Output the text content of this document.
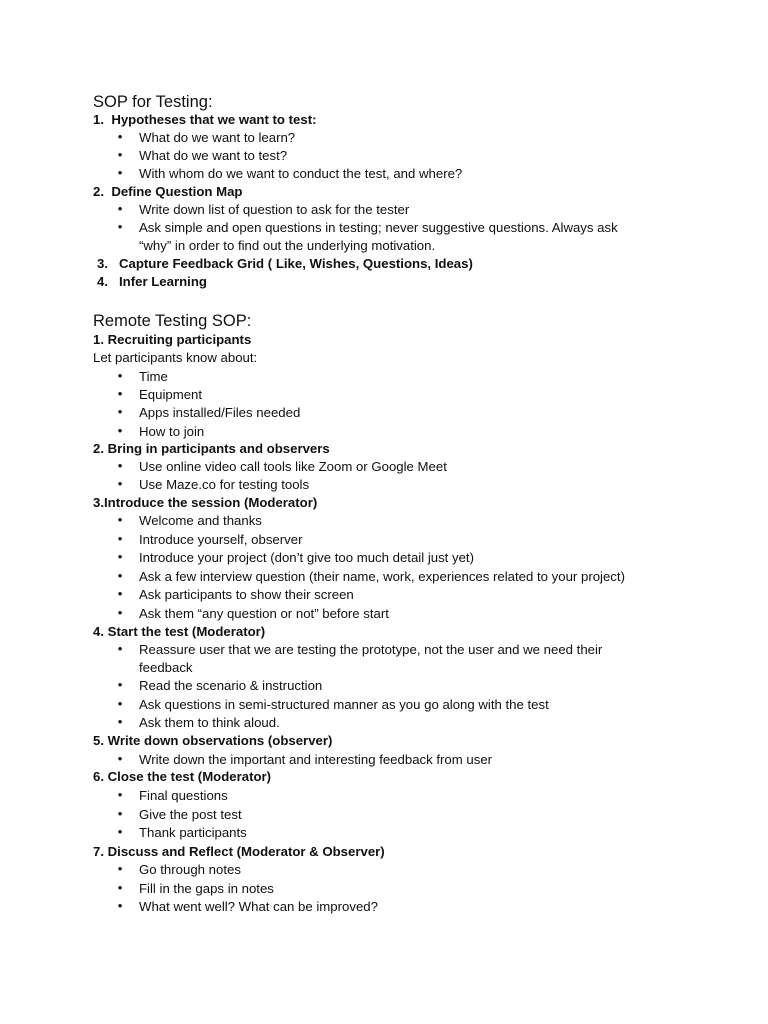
SOP for Testing:
1. Hypotheses that we want to test:
• What do we want to learn?
• What do we want to test?
• With whom do we want to conduct the test, and where?
2. Define Question Map
• Write down list of question to ask for the tester
• Ask simple and open questions in testing; never suggestive questions. Always ask
“why” in order to find out the underlying motivation.
3. Capture Feedback Grid ( Like, Wishes, Questions, Ideas)
4. Infer Learning
Remote Testing SOP:
1. Recruiting participants
Let participants know about:
• Time
• Equipment
• Apps installed/Files needed
• How to join
2. Bring in participants and observers
• Use online video call tools like Zoom or Google Meet
• Use Maze.co for testing tools
3.Introduce the session (Moderator)
• Welcome and thanks
• Introduce yourself, observer
• Introduce your project (don’t give too much detail just yet)
• Ask a few interview question (their name, work, experiences related to your project)
• Ask participants to show their screen
• Ask them “any question or not” before start
4. Start the test (Moderator)
• Reassure user that we are testing the prototype, not the user and we need their
feedback
• Read the scenario & instruction
• Ask questions in semi-structured manner as you go along with the test
• Ask them to think aloud.
5. Write down observations (observer)
• Write down the important and interesting feedback from user
6. Close the test (Moderator)
• Final questions
• Give the post test
• Thank participants
7. Discuss and Reflect (Moderator & Observer)
• Go through notes
• Fill in the gaps in notes
• What went well? What can be improved?
